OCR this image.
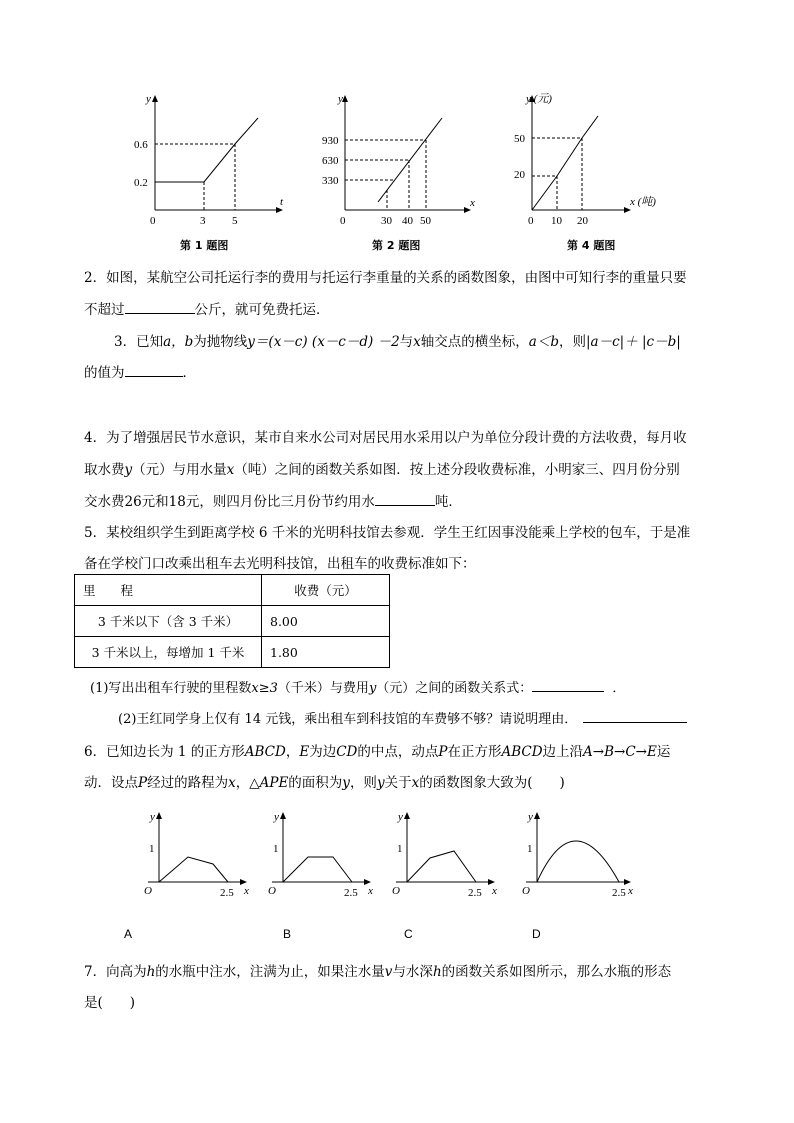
y
t
0.6
0.2
0	3 5
第 1 题图
y
x
930
630
330
0	30 40 50
第 2 题图
y (元)
x (吨)
50
20
0 10 20
第 4 题图
2．如图，某航空公司托运行李的费用与托运行李重量的关系的函数图象，由图中可知行李的重量只要
不超过	公斤，就可免费托运．
3．已知a，b为抛物线y＝(x－c) (x－c－d) －2与x轴交点的横坐标，a＜b，则|a－c|＋ |c－b|
的值为	．
4．为了增强居民节水意识，某市自来水公司对居民用水采用以户为单位分段计费的方法收费，每月收
取水费y（元）与用水量x（吨）之间的函数关系如图．按上述分段收费标准，小明家三、四月份分别
交水费26元和18元，则四月份比三月份节约用水	吨．
5．某校组织学生到距离学校 6 千米的光明科技馆去参观．学生王红因事没能乘上学校的包车，于是准
备在学校门口改乘出租车去光明科技馆，出租车的收费标准如下：
里　　程	收费（元）
3 千米以下（含 3 千米）	8.00
3 千米以上，每增加 1 千米	1.80
(1)写出出租车行驶的里程数x≥3（千米）与费用y（元）之间的函数关系式：	．
(2)王红同学身上仅有 14 元钱，乘出租车到科技馆的车费够不够？请说明理由．
6．已知边长为 1 的正方形ABCD，E为边CD的中点，动点P在正方形ABCD边上沿A→B→C→E运
动．设点P经过的路程为x，△APE的面积为y，则y关于x的函数图象大致为(　　)
y
x
O
1
2.5
y
x
O
1
2.5
y
x
O
1
2.5
y
x
O
1
2.5
A	B	C	D
7．向高为h的水瓶中注水，注满为止，如果注水量v与水深h的函数关系如图所示，那么水瓶的形态
是(　　)
